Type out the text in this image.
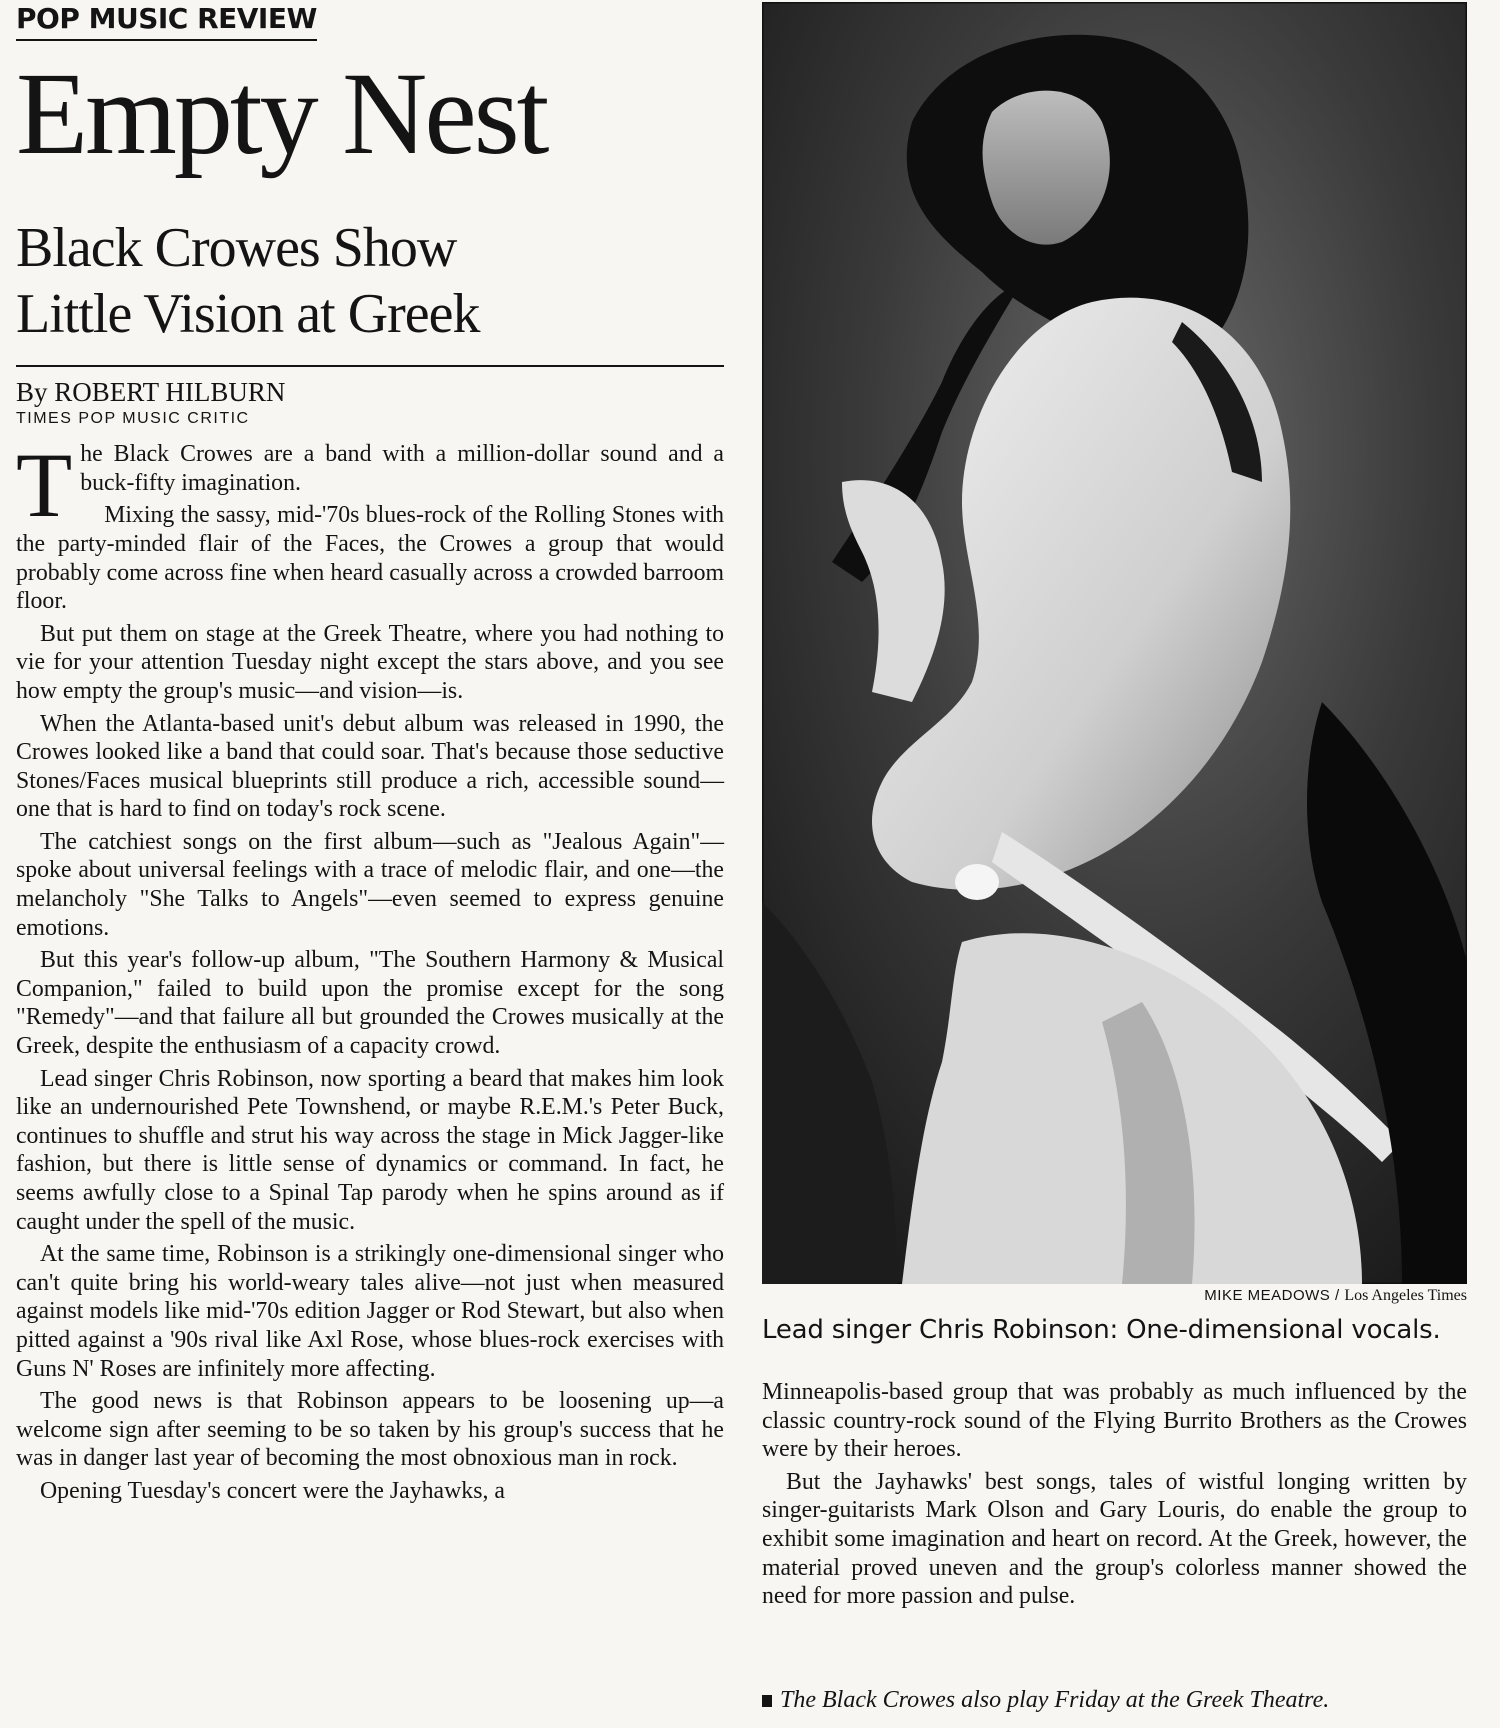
POP MUSIC REVIEW
Empty Nest
Black Crowes Show
Little Vision at Greek
By ROBERT HILBURN
TIMES POP MUSIC CRITIC

The Black Crowes are a band with a million-dollar sound and a buck-fifty imagination.

Mixing the sassy, mid-'70s blues-rock of the Rolling Stones with the party-minded flair of the Faces, the Crowes a group that would probably come across fine when heard casually across a crowded barroom floor.

But put them on stage at the Greek Theatre, where you had nothing to vie for your attention Tuesday night except the stars above, and you see how empty the group's music—and vision—is.

When the Atlanta-based unit's debut album was released in 1990, the Crowes looked like a band that could soar. That's because those seductive Stones/Faces musical blueprints still produce a rich, accessible sound—one that is hard to find on today's rock scene.

The catchiest songs on the first album—such as "Jealous Again"—spoke about universal feelings with a trace of melodic flair, and one—the melancholy "She Talks to Angels"—even seemed to express genuine emotions.

But this year's follow-up album, "The Southern Harmony & Musical Companion," failed to build upon the promise except for the song "Remedy"—and that failure all but grounded the Crowes musically at the Greek, despite the enthusiasm of a capacity crowd.

Lead singer Chris Robinson, now sporting a beard that makes him look like an undernourished Pete Townshend, or maybe R.E.M.'s Peter Buck, continues to shuffle and strut his way across the stage in Mick Jagger-like fashion, but there is little sense of dynamics or command. In fact, he seems awfully close to a Spinal Tap parody when he spins around as if caught under the spell of the music.

At the same time, Robinson is a strikingly one-dimensional singer who can't quite bring his world-weary tales alive—not just when measured against models like mid-'70s edition Jagger or Rod Stewart, but also when pitted against a '90s rival like Axl Rose, whose blues-rock exercises with Guns N' Roses are infinitely more affecting.

The good news is that Robinson appears to be loosening up—a welcome sign after seeming to be so taken by his group's success that he was in danger last year of becoming the most obnoxious man in rock.

Opening Tuesday's concert were the Jayhawks, a

MIKE MEADOWS / Los Angeles Times
Lead singer Chris Robinson: One-dimensional vocals.

Minneapolis-based group that was probably as much influenced by the classic country-rock sound of the Flying Burrito Brothers as the Crowes were by their heroes.

But the Jayhawks' best songs, tales of wistful longing written by singer-guitarists Mark Olson and Gary Louris, do enable the group to exhibit some imagination and heart on record. At the Greek, however, the material proved uneven and the group's colorless manner showed the need for more passion and pulse.

The Black Crowes also play Friday at the Greek Theatre.
